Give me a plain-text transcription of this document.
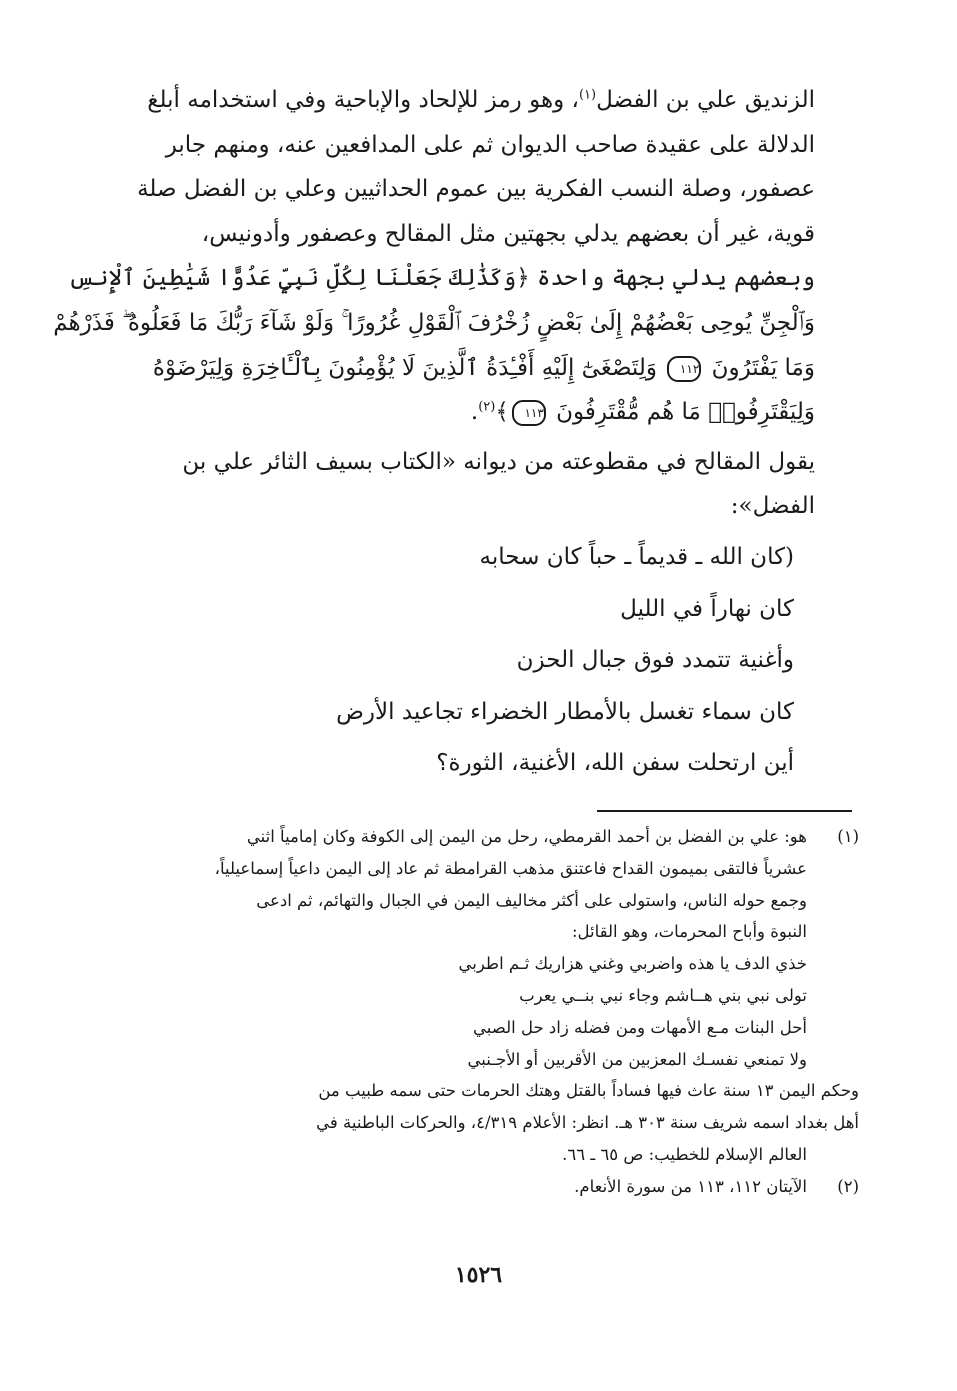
الزنديق علي بن الفضل$^{(١)}$، وهو رمز للإلحاد والإباحية وفي استخدامه أبلغ
الدلالة على عقيدة صاحب الديوان ثم على المدافعين عنه، ومنهم جابر
عصفور، وصلة النسب الفكرية بين عموم الحداثيين وعلي بن الفضل صلة
قوية، غير أن بعضهم يدلي بجهتين مثل المقالح وعصفور وأدونيس،
وبعضهم يدلي بجهة واحدة ﴿وَكَذَٰلِكَ جَعَلْنَا لِكُلِّ نَبِيٍّ عَدُوًّا شَيَٰطِينَ ٱلْإِنسِ
وَٱلْجِنِّ يُوحِى بَعْضُهُمْ إِلَىٰ بَعْضٍ زُخْرُفَ ٱلْقَوْلِ غُرُورًا ۚ وَلَوْ شَآءَ رَبُّكَ مَا فَعَلُوهُ ۖ فَذَرْهُمْ
وَمَا يَفْتَرُونَ ١١٢ وَلِتَصْغَىٰٓ إِلَيْهِ أَفْـِٔدَةُ ٱلَّذِينَ لَا يُؤْمِنُونَ بِٱلْـَٔاخِرَةِ وَلِيَرْضَوْهُ
وَلِيَقْتَرِفُوا۟ مَا هُم مُّقْتَرِفُونَ ١١٣﴾$^{(٢)}$.
يقول المقالح في مقطوعته من ديوانه «الكتاب بسيف الثائر علي بن
الفضل»:
(كان الله ـ قديماً ـ حباً كان سحابه
كان نهاراً في الليل
وأغنية تتمدد فوق جبال الحزن
كان سماء تغسل بالأمطار الخضراء تجاعيد الأرض
أين ارتحلت سفن الله، الأغنية، الثورة؟
(١)
هو: علي بن الفضل بن أحمد القرمطي، رحل من اليمن إلى الكوفة وكان إمامياً اثني
عشرياً فالتقى بميمون القداح فاعتنق مذهب القرامطة ثم عاد إلى اليمن داعياً إسماعيلياً،
وجمع حوله الناس، واستولى على أكثر مخاليف اليمن في الجبال والتهائم، ثم ادعى
النبوة وأباح المحرمات، وهو القائل:
خذي الدف يا هذه واضربي وغني هزاريك ثـم اطربي
تولى نبي بني هــاشم وجاء نبي بنــي يعرب
أحل البنات مـع الأمهات ومن فضله زاد حل الصبي
ولا تمنعي نفسـك المعزبين من الأقربين أو الأجـنبي
وحكم اليمن ١٣ سنة عاث فيها فساداً بالقتل وهتك الحرمات حتى سمه طبيب من
أهل بغداد اسمه شريف سنة ٣٠٣ هـ. انظر: الأعلام ٤/٣١٩، والحركات الباطنية في
العالم الإسلام للخطيب: ص ٦٥ ـ ٦٦.
(٢)
الآيتان ١١٢، ١١٣ من سورة الأنعام.
١٥٢٦
